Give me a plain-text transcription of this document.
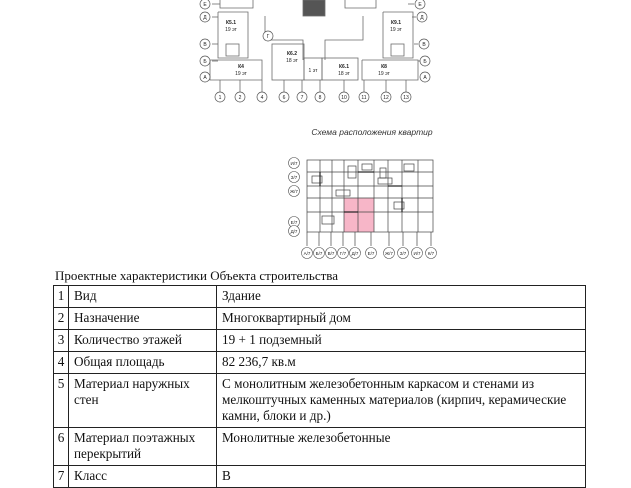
К5.1
19 эт
К9.1
19 эт
К6.2
18 эт
К4
19 эт
К6.1
18 эт
К8
19 эт
1 эт
Е
Д
В
Г
Б
А
Е
Д
В
Б
А
1	2	4	6	7	8	10	11	12	13
Схема расположения квартир
И/7
З/7
Ж/7
Е/7
Д/7
А/7 Б/7 В/7 Г/7 Д/7 Е/7 Ж/7 З/7 И/7 К/7
Проектные характеристики Объекта строительства
1	Вид	Здание
2	Назначение	Многоквартирный дом
3	Количество этажей	19 + 1 подземный
4	Общая площадь	82 236,7 кв.м
5	Материал наружных стен	С монолитным железобетонным каркасом и стенами из мелкоштучных каменных материалов (кирпич, керамические камни, блоки и др.)
6	Материал поэтажных перекрытий	Монолитные железобетонные
7	Класс	В
